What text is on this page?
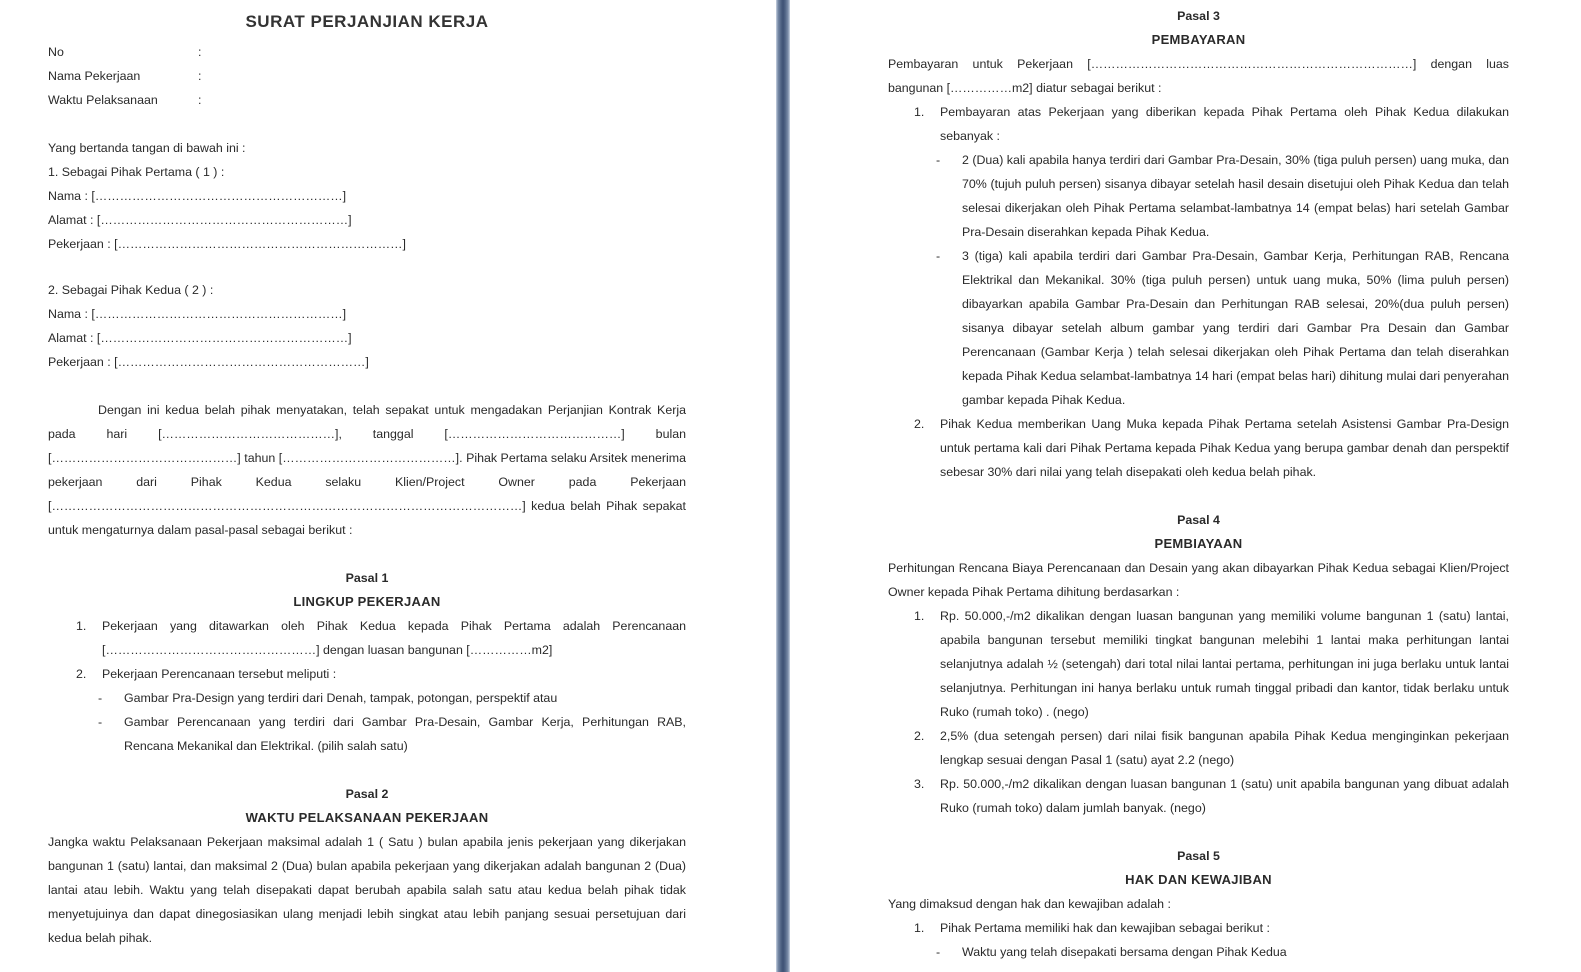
SURAT PERJANJIAN KERJA
No	:
Nama Pekerjaan	:
Waktu Pelaksanaan	:
Yang bertanda tangan di bawah ini :
1. Sebagai Pihak Pertama ( 1 ) :
Nama : [……………………………………………………]
Alamat : [……………………………………………………]
Pekerjaan : [……………………………………………………………]
2. Sebagai Pihak Kedua ( 2 ) :
Nama : [……………………………………………………]
Alamat : [……………………………………………………]
Pekerjaan : [……………………………………………………]
Dengan ini kedua belah pihak menyatakan, telah sepakat untuk mengadakan Perjanjian Kontrak Kerja pada hari [……………………………………], tanggal [……………………………………] bulan [………………………………………] tahun [……………………………………]. Pihak Pertama selaku Arsitek menerima pekerjaan dari Pihak Kedua selaku Klien/Project Owner pada Pekerjaan [……………………………………………………………………………………………………] kedua belah Pihak sepakat untuk mengaturnya dalam pasal-pasal sebagai berikut :
Pasal 1
LINGKUP PEKERJAAN
1.	Pekerjaan yang ditawarkan oleh Pihak Kedua kepada Pihak Pertama adalah Perencanaan [……………………………………………] dengan luasan bangunan [……………m2]
2.	Pekerjaan Perencanaan tersebut meliputi :
-	Gambar Pra-Design yang terdiri dari Denah, tampak, potongan, perspektif atau
-	Gambar Perencanaan yang terdiri dari Gambar Pra-Desain, Gambar Kerja, Perhitungan RAB, Rencana Mekanikal dan Elektrikal. (pilih salah satu)
Pasal 2
WAKTU PELAKSANAAN PEKERJAAN
Jangka waktu Pelaksanaan Pekerjaan maksimal adalah 1 ( Satu ) bulan apabila jenis pekerjaan yang dikerjakan bangunan 1 (satu) lantai, dan maksimal 2 (Dua) bulan apabila pekerjaan yang dikerjakan adalah bangunan 2 (Dua) lantai atau lebih. Waktu yang telah disepakati dapat berubah apabila salah satu atau kedua belah pihak tidak menyetujuinya dan dapat dinegosiasikan ulang menjadi lebih singkat atau lebih panjang sesuai persetujuan dari kedua belah pihak.
Pasal 3
PEMBAYARAN
Pembayaran untuk Pekerjaan [……………………………………………………………………] dengan luas bangunan [……………m2] diatur sebagai berikut :
1.	Pembayaran atas Pekerjaan yang diberikan kepada Pihak Pertama oleh Pihak Kedua dilakukan sebanyak :
-	2 (Dua) kali apabila hanya terdiri dari Gambar Pra-Desain, 30% (tiga puluh persen) uang muka, dan 70% (tujuh puluh persen) sisanya dibayar setelah hasil desain disetujui oleh Pihak Kedua dan telah selesai dikerjakan oleh Pihak Pertama selambat-lambatnya 14 (empat belas) hari setelah Gambar Pra-Desain diserahkan kepada Pihak Kedua.
-	3 (tiga) kali apabila terdiri dari Gambar Pra-Desain, Gambar Kerja, Perhitungan RAB, Rencana Elektrikal dan Mekanikal. 30% (tiga puluh persen) untuk uang muka, 50% (lima puluh persen) dibayarkan apabila Gambar Pra-Desain dan Perhitungan RAB selesai, 20%(dua puluh persen) sisanya dibayar setelah album gambar yang terdiri dari Gambar Pra Desain dan Gambar Perencanaan (Gambar Kerja ) telah selesai dikerjakan oleh Pihak Pertama dan telah diserahkan kepada Pihak Kedua selambat-lambatnya 14 hari (empat belas hari) dihitung mulai dari penyerahan gambar kepada Pihak Kedua.
2.	Pihak Kedua memberikan Uang Muka kepada Pihak Pertama setelah Asistensi Gambar Pra-Design untuk pertama kali dari Pihak Pertama kepada Pihak Kedua yang berupa gambar denah dan perspektif sebesar 30% dari nilai yang telah disepakati oleh kedua belah pihak.
Pasal 4
PEMBIAYAAN
Perhitungan Rencana Biaya Perencanaan dan Desain yang akan dibayarkan Pihak Kedua sebagai Klien/Project Owner kepada Pihak Pertama dihitung berdasarkan :
1.	Rp. 50.000,-/m2 dikalikan dengan luasan bangunan yang memiliki volume bangunan 1 (satu) lantai, apabila bangunan tersebut memiliki tingkat bangunan melebihi 1 lantai maka perhitungan lantai selanjutnya adalah ½ (setengah) dari total nilai lantai pertama, perhitungan ini juga berlaku untuk lantai selanjutnya. Perhitungan ini hanya berlaku untuk rumah tinggal pribadi dan kantor, tidak berlaku untuk Ruko (rumah toko) . (nego)
2.	2,5% (dua setengah persen) dari nilai fisik bangunan apabila Pihak Kedua menginginkan pekerjaan lengkap sesuai dengan Pasal 1 (satu) ayat 2.2 (nego)
3.	Rp. 50.000,-/m2 dikalikan dengan luasan bangunan 1 (satu) unit apabila bangunan yang dibuat adalah Ruko (rumah toko) dalam jumlah banyak. (nego)
Pasal 5
HAK DAN KEWAJIBAN
Yang dimaksud dengan hak dan kewajiban adalah :
1.	Pihak Pertama memiliki hak dan kewajiban sebagai berikut :
-	Waktu yang telah disepakati bersama dengan Pihak Kedua
